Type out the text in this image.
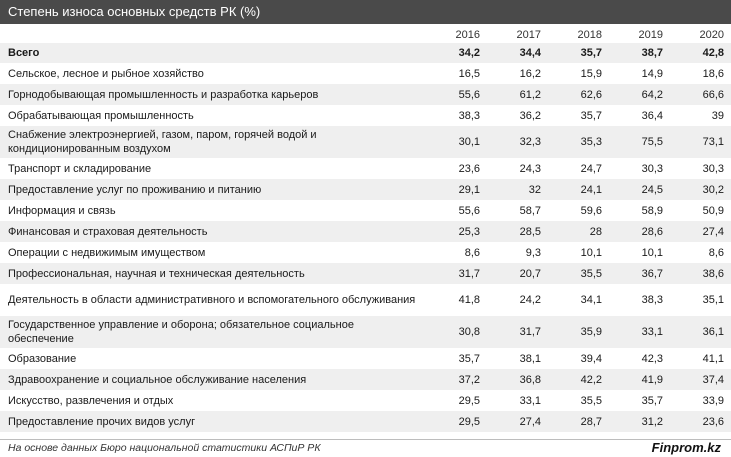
Степень износа основных средств РК (%)
	2016	2017	2018	2019	2020
Всего	34,2	34,4	35,7	38,7	42,8
Сельское, лесное и рыбное хозяйство	16,5	16,2	15,9	14,9	18,6
Горнодобывающая промышленность и разработка карьеров	55,6	61,2	62,6	64,2	66,6
Обрабатывающая промышленность	38,3	36,2	35,7	36,4	39
Снабжение электроэнергией, газом, паром, горячей водой и кондиционированным воздухом	30,1	32,3	35,3	75,5	73,1
Транспорт и складирование	23,6	24,3	24,7	30,3	30,3
Предоставление услуг по проживанию и питанию	29,1	32	24,1	24,5	30,2
Информация и связь	55,6	58,7	59,6	58,9	50,9
Финансовая и страховая деятельность	25,3	28,5	28	28,6	27,4
Операции с недвижимым имуществом	8,6	9,3	10,1	10,1	8,6
Профессиональная, научная и техническая деятельность	31,7	20,7	35,5	36,7	38,6
Деятельность в области административного и вспомогательного обслуживания	41,8	24,2	34,1	38,3	35,1
Государственное управление и оборона; обязательное социальное обеспечение	30,8	31,7	35,9	33,1	36,1
Образование	35,7	38,1	39,4	42,3	41,1
Здравоохранение и социальное обслуживание населения	37,2	36,8	42,2	41,9	37,4
Искусство, развлечения и отдых	29,5	33,1	35,5	35,7	33,9
Предоставление прочих видов услуг	29,5	27,4	28,7	31,2	23,6
На основе данных Бюро национальной статистики АСПиР РК	Finprom.kz
